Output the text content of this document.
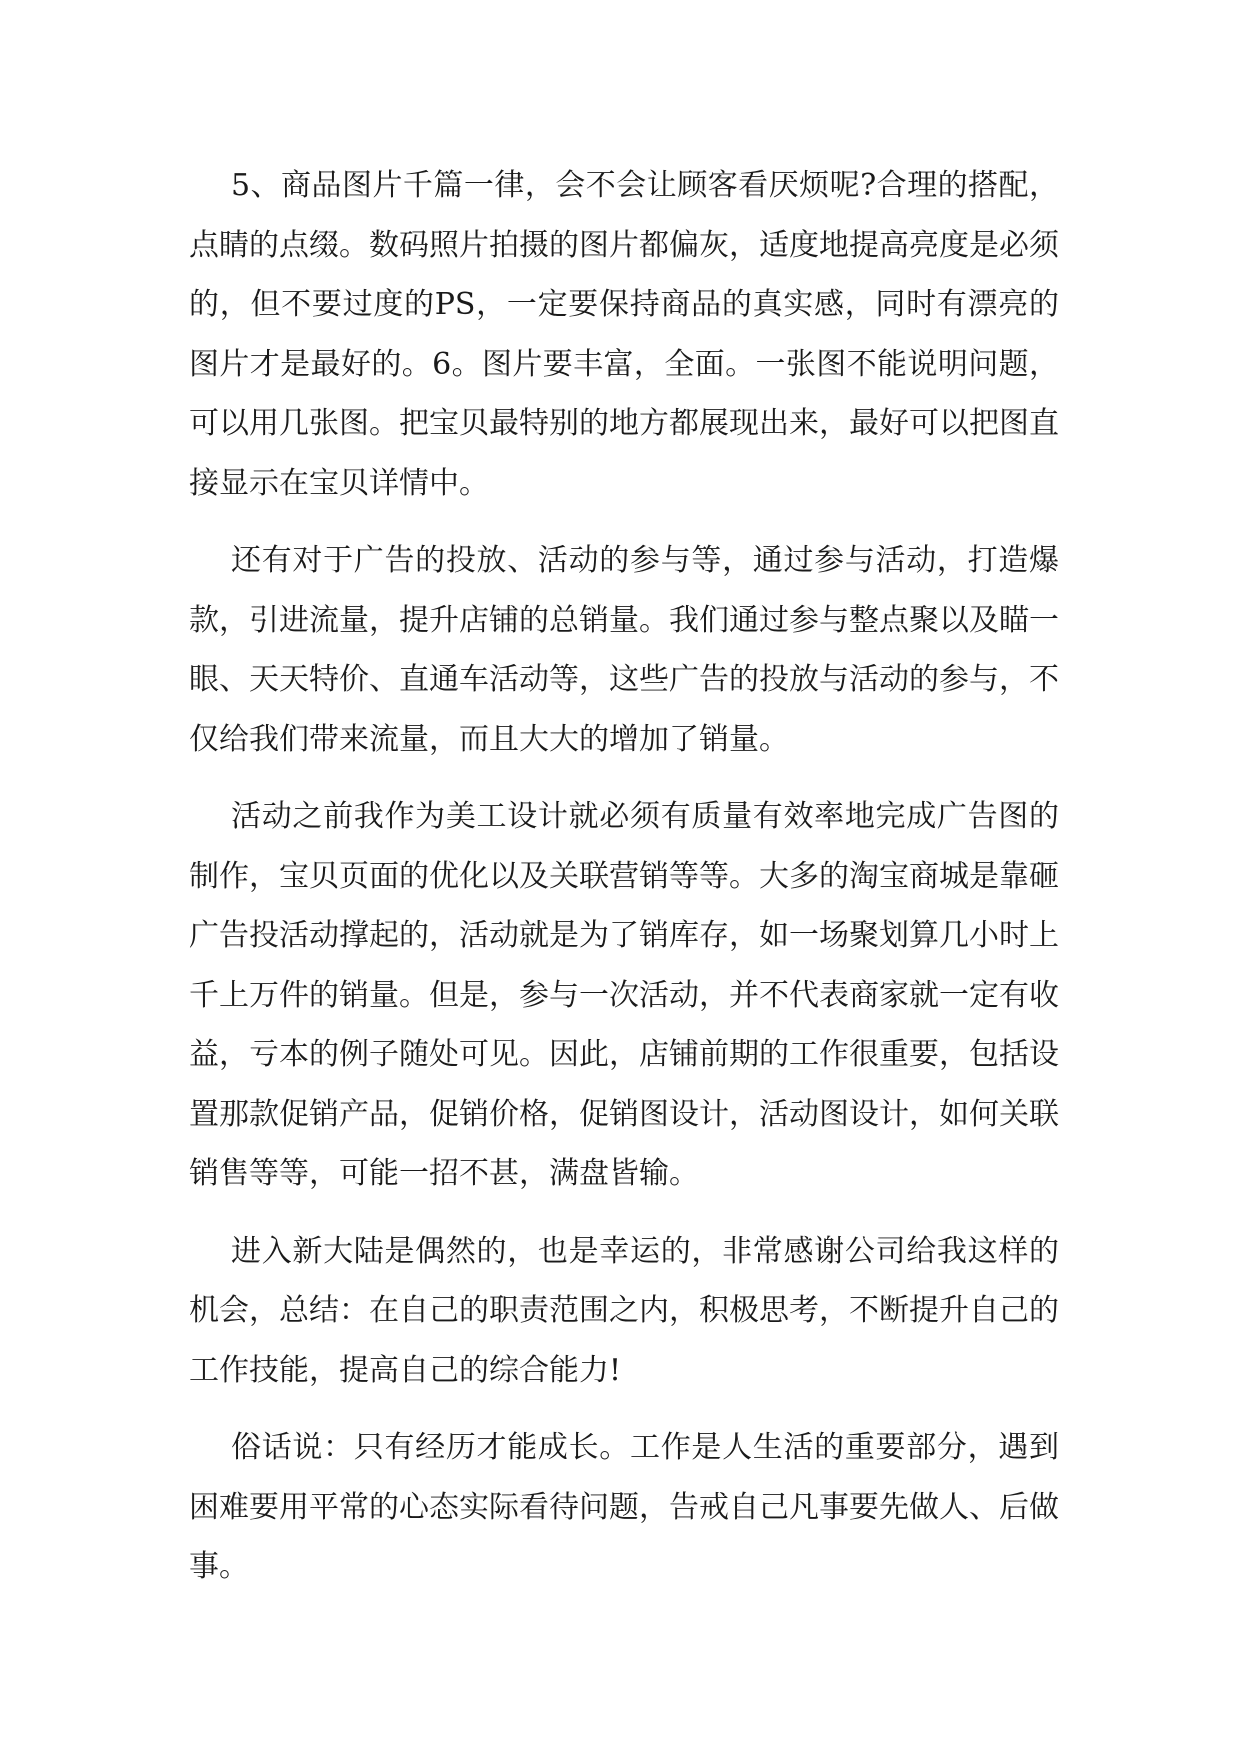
5、商品图片千篇一律，会不会让顾客看厌烦呢?合理的搭配，点睛的点缀。数码照片拍摄的图片都偏灰，适度地提高亮度是必须的，但不要过度的PS，一定要保持商品的真实感，同时有漂亮的图片才是最好的。6。图片要丰富，全面。一张图不能说明问题，可以用几张图。把宝贝最特别的地方都展现出来，最好可以把图直接显示在宝贝详情中。

还有对于广告的投放、活动的参与等，通过参与活动，打造爆款，引进流量，提升店铺的总销量。我们通过参与整点聚以及瞄一眼、天天特价、直通车活动等，这些广告的投放与活动的参与，不仅给我们带来流量，而且大大的增加了销量。

活动之前我作为美工设计就必须有质量有效率地完成广告图的制作，宝贝页面的优化以及关联营销等等。大多的淘宝商城是靠砸广告投活动撑起的，活动就是为了销库存，如一场聚划算几小时上千上万件的销量。但是，参与一次活动，并不代表商家就一定有收益，亏本的例子随处可见。因此，店铺前期的工作很重要，包括设置那款促销产品，促销价格，促销图设计，活动图设计，如何关联销售等等，可能一招不甚，满盘皆输。

进入新大陆是偶然的，也是幸运的，非常感谢公司给我这样的机会，总结：在自己的职责范围之内，积极思考，不断提升自己的工作技能，提高自己的综合能力!

俗话说：只有经历才能成长。工作是人生活的重要部分，遇到困难要用平常的心态实际看待问题，告戒自己凡事要先做人、后做事。
